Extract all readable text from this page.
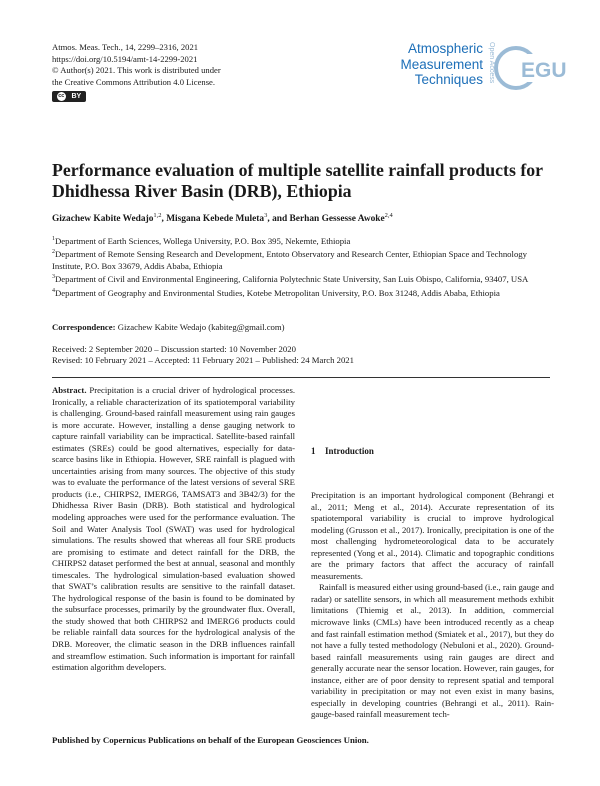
Atmos. Meas. Tech., 14, 2299–2316, 2021
https://doi.org/10.5194/amt-14-2299-2021
© Author(s) 2021. This work is distributed under
the Creative Commons Attribution 4.0 License.
cc BY
Atmospheric
Measurement
Techniques Open Access EGU
Performance evaluation of multiple satellite rainfall products for Dhidhessa River Basin (DRB), Ethiopia
Gizachew Kabite Wedajo$^{1,2}$, Misgana Kebede Muleta$^3$, and Berhan Gessesse Awoke$^{2,4}$

$^1$Department of Earth Sciences, Wollega University, P.O. Box 395, Nekemte, Ethiopia

$^2$Department of Remote Sensing Research and Development, Entoto Observatory and Research Center, Ethiopian Space and Technology Institute, P.O. Box 33679, Addis Ababa, Ethiopia

$^3$Department of Civil and Environmental Engineering, California Polytechnic State University, San Luis Obispo, California, 93407, USA

$^4$Department of Geography and Environmental Studies, Kotebe Metropolitan University, P.O. Box 31248, Addis Ababa, Ethiopia

Correspondence: Gizachew Kabite Wedajo (kabiteg@gmail.com)
Received: 2 September 2020 – Discussion started: 10 November 2020
Revised: 10 February 2021 – Accepted: 11 February 2021 – Published: 24 March 2021

Abstract. Precipitation is a crucial driver of hydrological processes. Ironically, a reliable characterization of its spatiotemporal variability is challenging. Ground-based rainfall measurement using rain gauges is more accurate. However, installing a dense gauging network to capture rainfall variability can be impractical. Satellite-based rainfall estimates (SREs) could be good alternatives, especially for data-scarce basins like in Ethiopia. However, SRE rainfall is plagued with uncertainties arising from many sources. The objective of this study was to evaluate the performance of the latest versions of several SRE products (i.e., CHIRPS2, IMERG6, TAMSAT3 and 3B42/3) for the Dhidhessa River Basin (DRB). Both statistical and hydrological modeling approaches were used for the performance evaluation. The Soil and Water Analysis Tool (SWAT) was used for hydrological simulations. The results showed that whereas all four SRE products are promising to estimate and detect rainfall for the DRB, the CHIRPS2 dataset performed the best at annual, seasonal and monthly timescales. The hydrological simulation-based evaluation showed that SWAT’s calibration results are sensitive to the rainfall dataset. The hydrological response of the basin is found to be dominated by the subsurface processes, primarily by the groundwater flux. Overall, the study showed that both CHIRPS2 and IMERG6 products could be reliable rainfall data sources for the hydrological analysis of the DRB. Moreover, the climatic season in the DRB influences rainfall and streamflow estimation. Such information is important for rainfall estimation algorithm developers.

1 Introduction

Precipitation is an important hydrological component (Behrangi et al., 2011; Meng et al., 2014). Accurate representation of its spatiotemporal variability is crucial to improve hydrological modeling (Grusson et al., 2017). Ironically, precipitation is one of the most challenging hydrometeorological data to be accurately represented (Yong et al., 2014). Climatic and topographic conditions are the primary factors that affect the accuracy of rainfall measurements.

Rainfall is measured either using ground-based (i.e., rain gauge and radar) or satellite sensors, in which all measurement methods exhibit limitations (Thiemig et al., 2013). In addition, commercial microwave links (CMLs) have been introduced recently as a cheap and fast rainfall estimation method (Smiatek et al., 2017), but they do not have a fully tested methodology (Nebuloni et al., 2020). Ground-based rainfall measurements using rain gauges are direct and generally accurate near the sensor location. However, rain gauges, for instance, either are of poor density to represent spatial and temporal variability in precipitation or may not even exist in many basins, especially in developing countries (Behrangi et al., 2011). Rain-gauge-based rainfall measurement tech-

Published by Copernicus Publications on behalf of the European Geosciences Union.
